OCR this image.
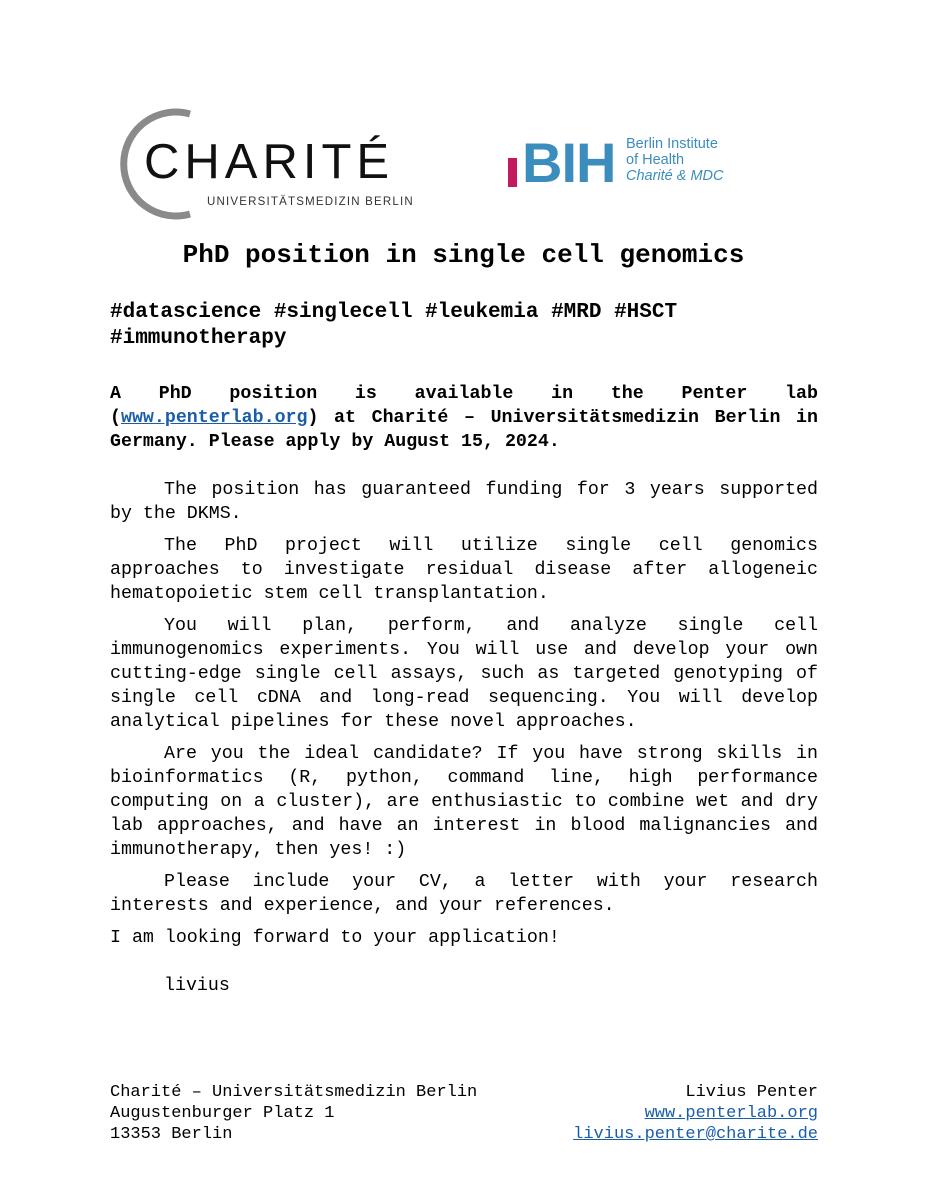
CHARITÉ
UNIVERSITÄTSMEDIZIN BERLIN
BIH Berlin Institute
of Health
Charité & MDC
PhD position in single cell genomics

#datascience #singlecell #leukemia #MRD #HSCT #immunotherapy

A PhD position is available in the Penter lab (www.penterlab.org) at Charité – Universitätsmedizin Berlin in Germany. Please apply by August 15, 2024.

The position has guaranteed funding for 3 years supported by the DKMS.

The PhD project will utilize single cell genomics approaches to investigate residual disease after allogeneic hematopoietic stem cell transplantation.

You will plan, perform, and analyze single cell immunogenomics experiments. You will use and develop your own cutting-edge single cell assays, such as targeted genotyping of single cell cDNA and long-read sequencing. You will develop analytical pipelines for these novel approaches.

Are you the ideal candidate? If you have strong skills in bioinformatics (R, python, command line, high performance computing on a cluster), are enthusiastic to combine wet and dry lab approaches, and have an interest in blood malignancies and immunotherapy, then yes! :)

Please include your CV, a letter with your research interests and experience, and your references.

I am looking forward to your application!

livius

Charité – Universitätsmedizin Berlin
Augustenburger Platz 1
13353 Berlin
Livius Penter
www.penterlab.org
livius.penter@charite.de
